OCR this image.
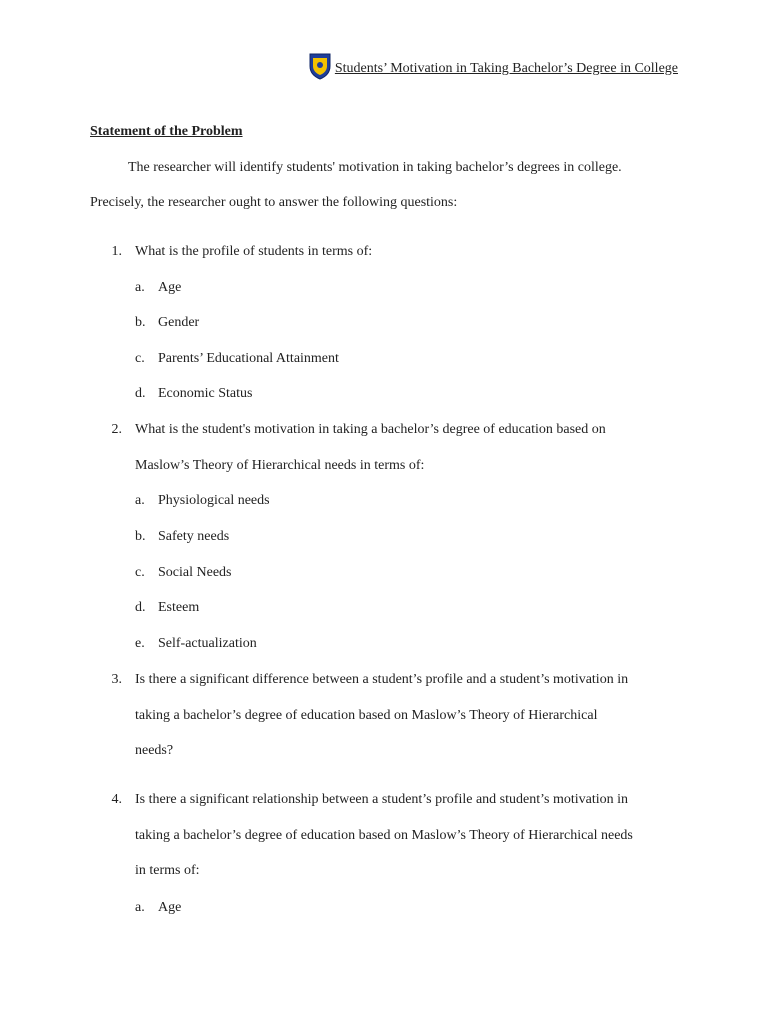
Students’ Motivation in Taking Bachelor’s Degree in College

Statement of the Problem

The researcher will identify students' motivation in taking bachelor’s degrees in college.

Precisely, the researcher ought to answer the following questions:

1. What is the profile of students in terms of:

a. Age

b. Gender

c. Parents’ Educational Attainment

d. Economic Status

2. What is the student's motivation in taking a bachelor’s degree of education based on

Maslow’s Theory of Hierarchical needs in terms of:

a. Physiological needs

b. Safety needs

c. Social Needs

d. Esteem

e. Self-actualization

3. Is there a significant difference between a student’s profile and a student’s motivation in

taking a bachelor’s degree of education based on Maslow’s Theory of Hierarchical

needs?

4. Is there a significant relationship between a student’s profile and student’s motivation in

taking a bachelor’s degree of education based on Maslow’s Theory of Hierarchical needs

in terms of:

a. Age
